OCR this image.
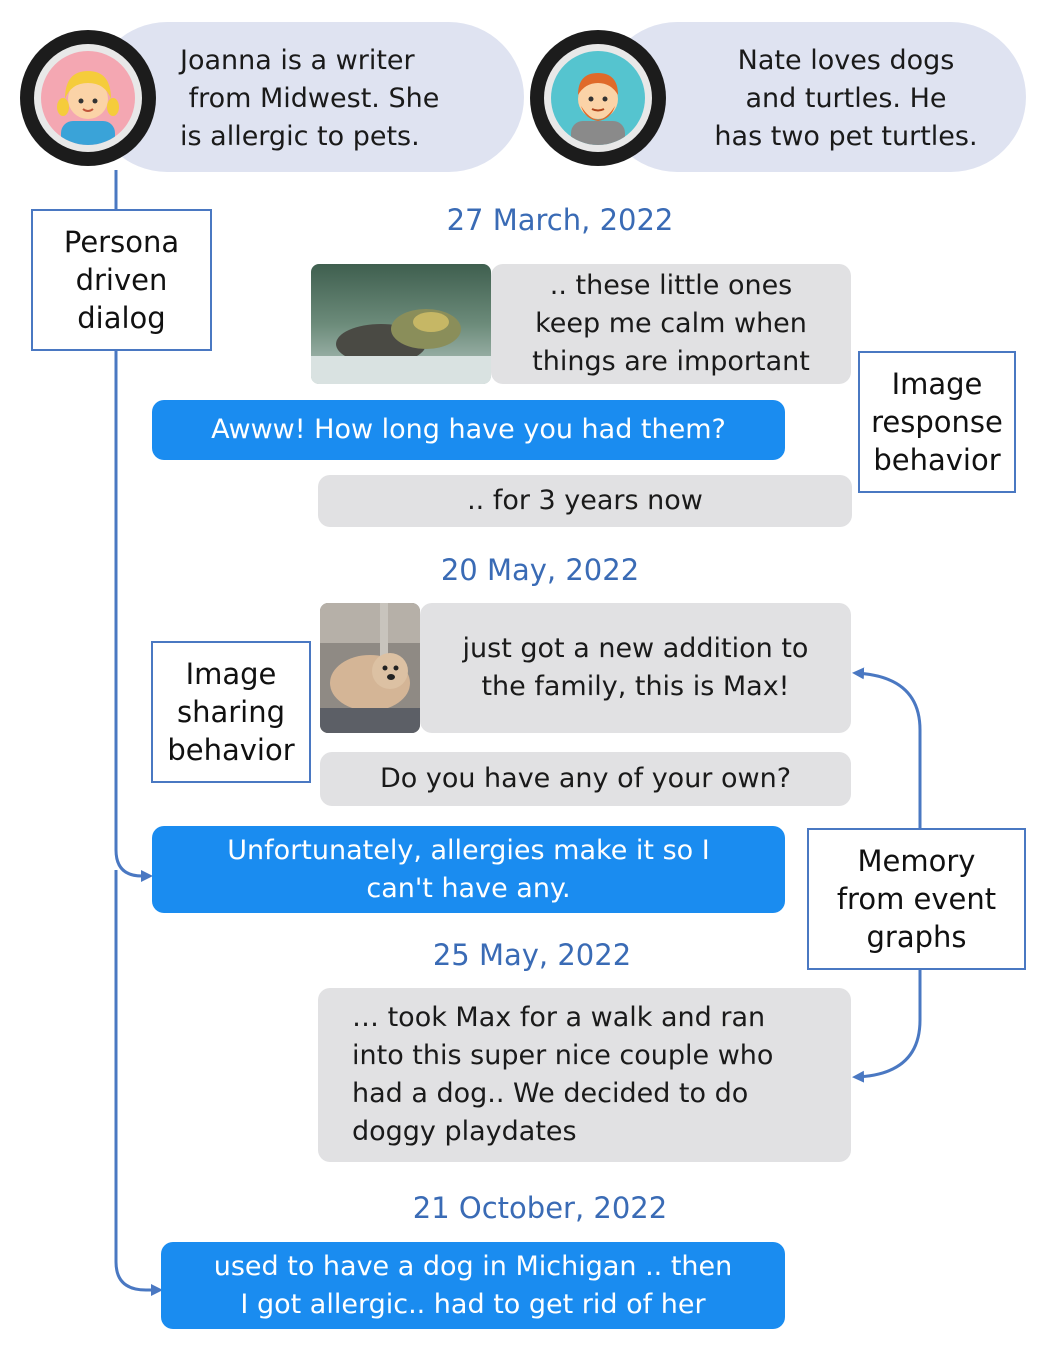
Joanna is a writer
from Midwest. She
is allergic to pets.
Nate loves dogs
and turtles. He
has two pet turtles.
Persona
driven
dialog
27 March, 2022
.. these little ones
keep me calm when
things are important
Awww! How long have you had them?
.. for 3 years now
Image
response
behavior
20 May, 2022
just got a new addition to
the family, this is Max!
Do you have any of your own?
Unfortunately, allergies make it so I
can't have any.
Image
sharing
behavior
Memory
from event
graphs
25 May, 2022
… took Max for a walk and ran
into this super nice couple who
had a dog.. We decided to do
doggy playdates
21 October, 2022
used to have a dog in Michigan .. then
I got allergic.. had to get rid of her
